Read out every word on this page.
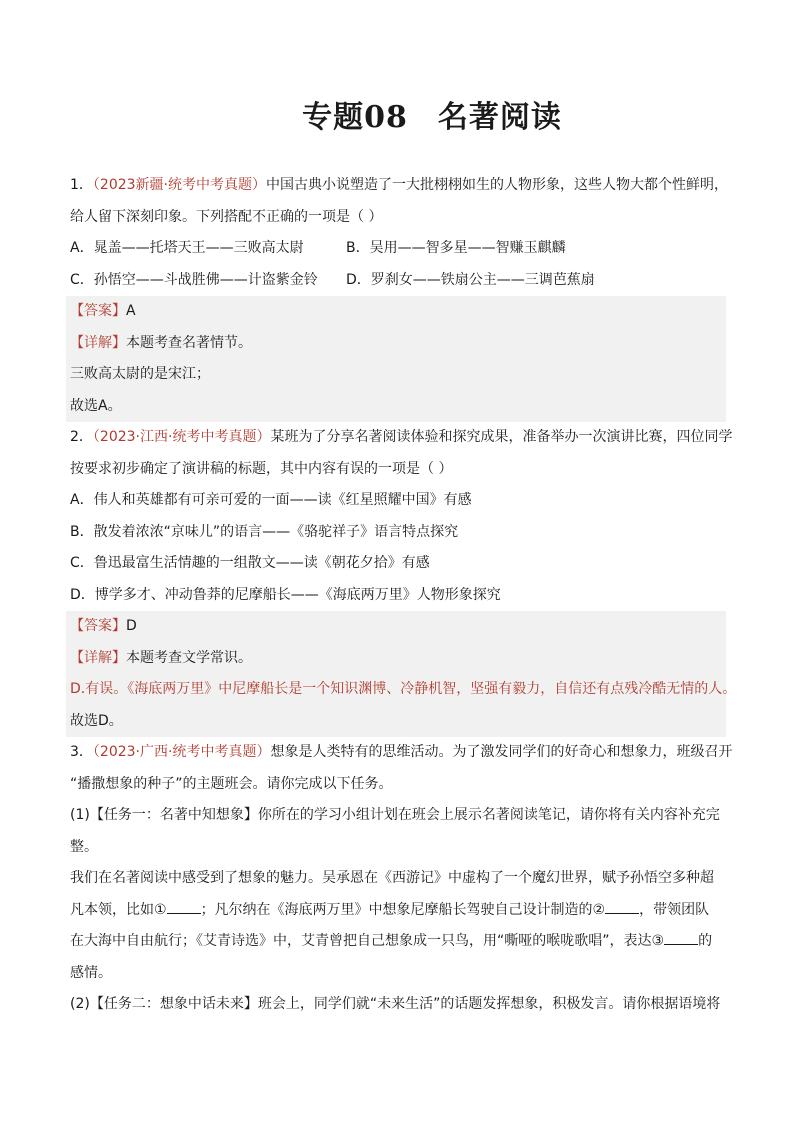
专题08 名著阅读
1．（2023新疆·统考中考真题）中国古典小说塑造了一大批栩栩如生的人物形象，这些人物大都个性鲜明，
给人留下深刻印象。下列搭配不正确的一项是（ ）
A．晁盖——托塔天王——三败高太尉	B．吴用——智多星——智赚玉麒麟
C．孙悟空——斗战胜佛——计盗紫金铃	D．罗刹女——铁扇公主——三调芭蕉扇
【答案】A
【详解】本题考查名著情节。
三败高太尉的是宋江；
故选A。
2．（2023·江西·统考中考真题）某班为了分享名著阅读体验和探究成果，准备举办一次演讲比赛，四位同学
按要求初步确定了演讲稿的标题，其中内容有误的一项是（ ）
A．伟人和英雄都有可亲可爱的一面——读《红星照耀中国》有感
B．散发着浓浓“京味儿”的语言——《骆驼祥子》语言特点探究
C．鲁迅最富生活情趣的一组散文——读《朝花夕拾》有感
D．博学多才、冲动鲁莽的尼摩船长——《海底两万里》人物形象探究
【答案】D
【详解】本题考查文学常识。
D.有误。《海底两万里》中尼摩船长是一个知识渊博、冷静机智，坚强有毅力，自信还有点残冷酷无情的人。
故选D。
3．（2023·广西·统考中考真题）想象是人类特有的思维活动。为了激发同学们的好奇心和想象力，班级召开
“播撒想象的种子”的主题班会。请你完成以下任务。
(1)【任务一：名著中知想象】你所在的学习小组计划在班会上展示名著阅读笔记，请你将有关内容补充完
整。
我们在名著阅读中感受到了想象的魅力。吴承恩在《西游记》中虚构了一个魔幻世界，赋予孙悟空多种超
凡本领，比如① ；凡尔纳在《海底两万里》中想象尼摩船长驾驶自己设计制造的② ，带领团队
在大海中自由航行；《艾青诗选》中，艾青曾把自己想象成一只鸟，用“嘶哑的喉咙歌唱”，表达③ 的
感情。
(2)【任务二：想象中话未来】班会上，同学们就“未来生活”的话题发挥想象，积极发言。请你根据语境将
